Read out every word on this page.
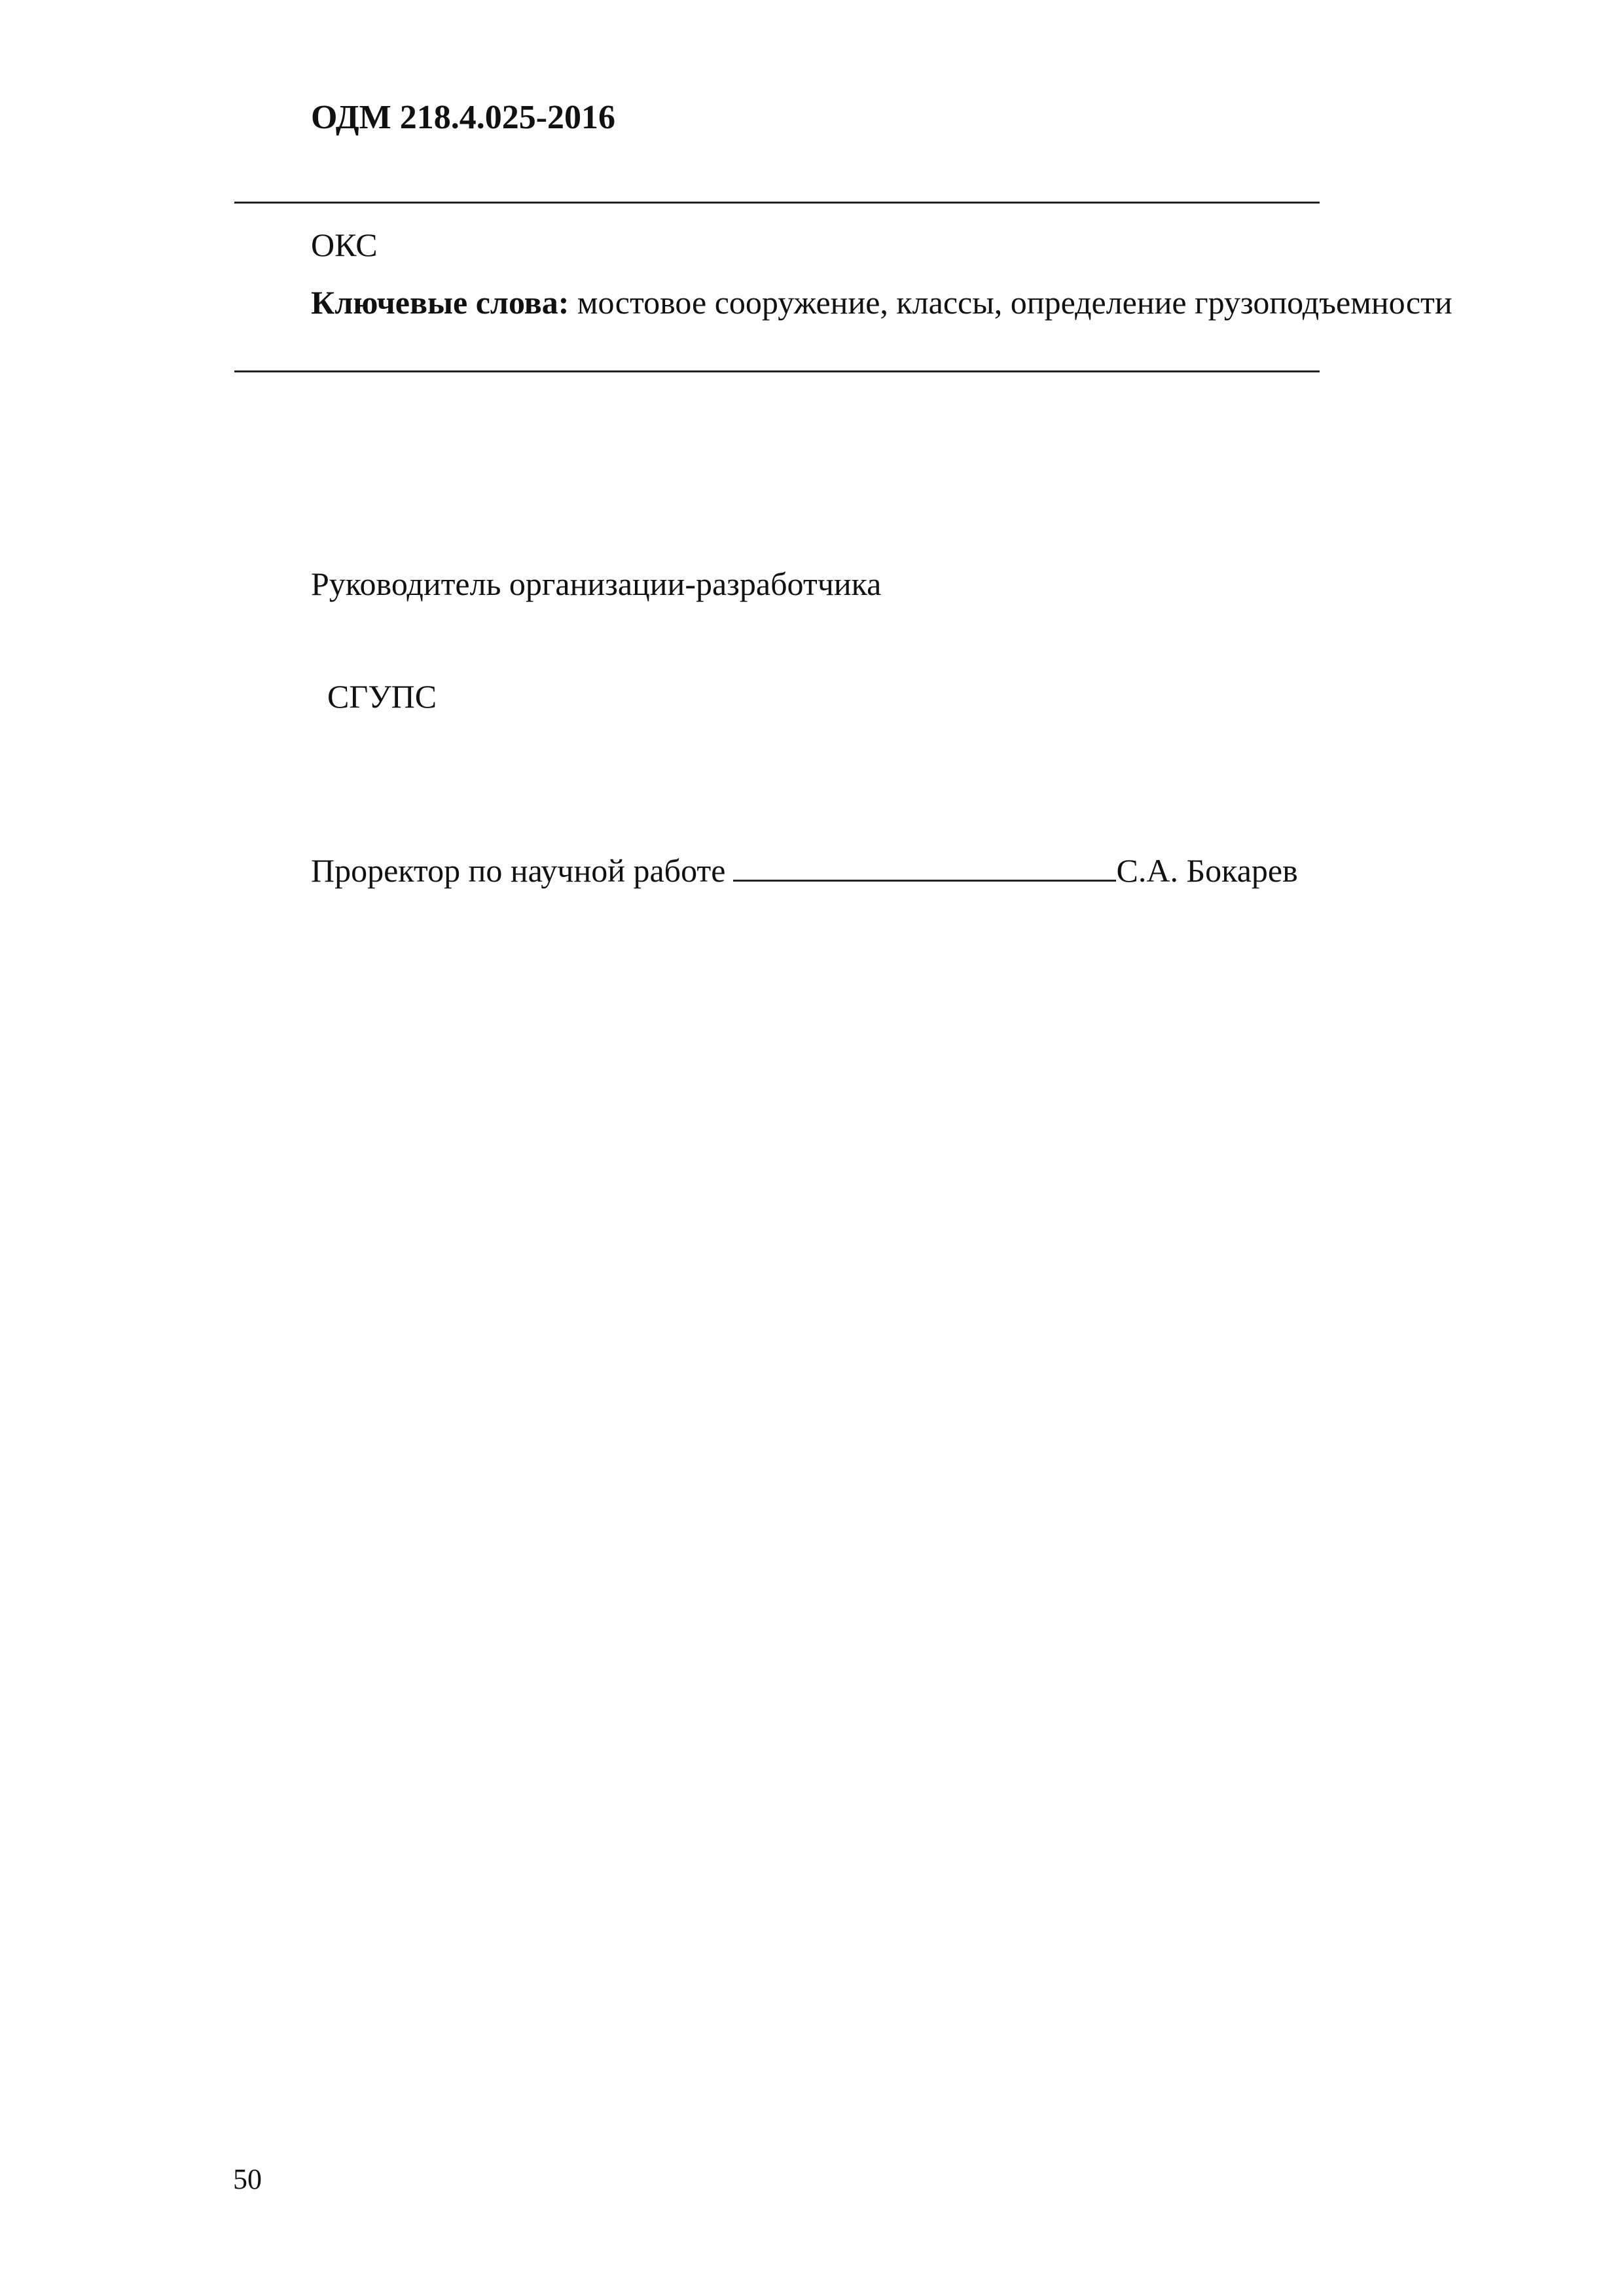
ОДМ 218.4.025-2016
ОКС
Ключевые слова: мостовое сооружение, классы, определение грузоподъемности
Руководитель организации-разработчика
СГУПС
Проректор по научной работе	С.А. Бокарев
50
